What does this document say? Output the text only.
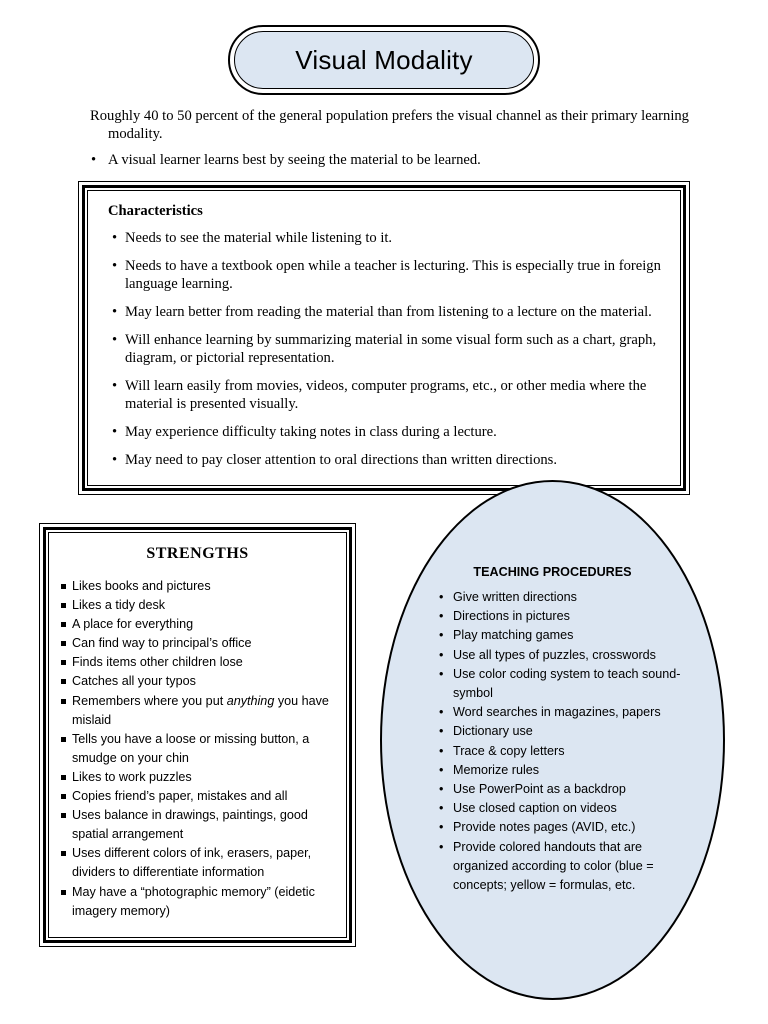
Visual Modality

Roughly 40 to 50 percent of the general population prefers the visual channel as their primary learning modality.

• A visual learner learns best by seeing the material to be learned.
Characteristics
• Needs to see the material while listening to it.
• Needs to have a textbook open while a teacher is lecturing. This is especially true in foreign language learning.
• May learn better from reading the material than from listening to a lecture on the material.
• Will enhance learning by summarizing material in some visual form such as a chart, graph, diagram, or pictorial representation.
• Will learn easily from movies, videos, computer programs, etc., or other media where the material is presented visually.
• May experience difficulty taking notes in class during a lecture.
• May need to pay closer attention to oral directions than written directions.
STRENGTHS
Likes books and pictures
Likes a tidy desk
A place for everything
Can find way to principal’s office
Finds items other children lose
Catches all your typos
Remembers where you put anything you have mislaid
Tells you have a loose or missing button, a smudge on your chin
Likes to work puzzles
Copies friend’s paper, mistakes and all
Uses balance in drawings, paintings, good spatial arrangement
Uses different colors of ink, erasers, paper, dividers to differentiate information
May have a “photographic memory” (eidetic imagery memory)
TEACHING PROCEDURES
• Give written directions
• Directions in pictures
• Play matching games
• Use all types of puzzles, crosswords
• Use color coding system to teach sound-symbol
• Word searches in magazines, papers
• Dictionary use
• Trace & copy letters
• Memorize rules
• Use PowerPoint as a backdrop
• Use closed caption on videos
• Provide notes pages (AVID, etc.)
• Provide colored handouts that are organized according to color (blue = concepts; yellow = formulas, etc.
